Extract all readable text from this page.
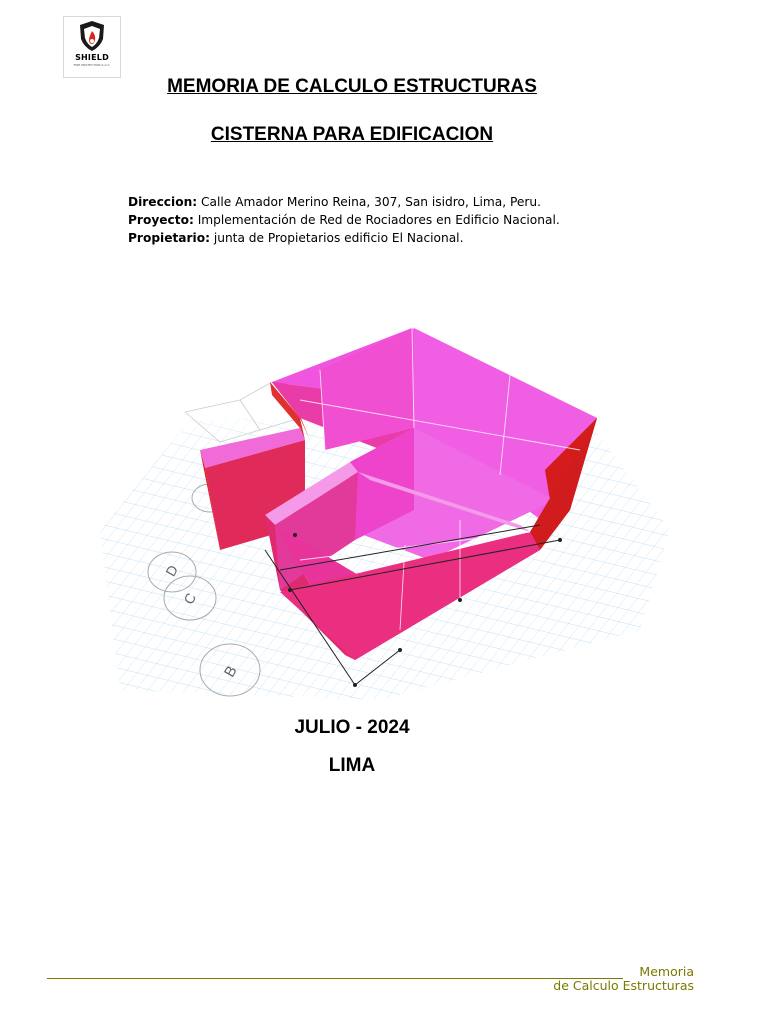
SHIELD
FIRE PROTECTION S.A.C.
MEMORIA DE CALCULO ESTRUCTURAS
CISTERNA PARA EDIFICACION
Direccion: Calle Amador Merino Reina, 307, San isidro, Lima, Peru.
Proyecto: Implementación de Red de Rociadores en Edificio Nacional.
Propietario: junta de Propietarios edificio El Nacional.
D
C
B
JULIO - 2024
LIMA
Memoria
de Calculo Estructuras
